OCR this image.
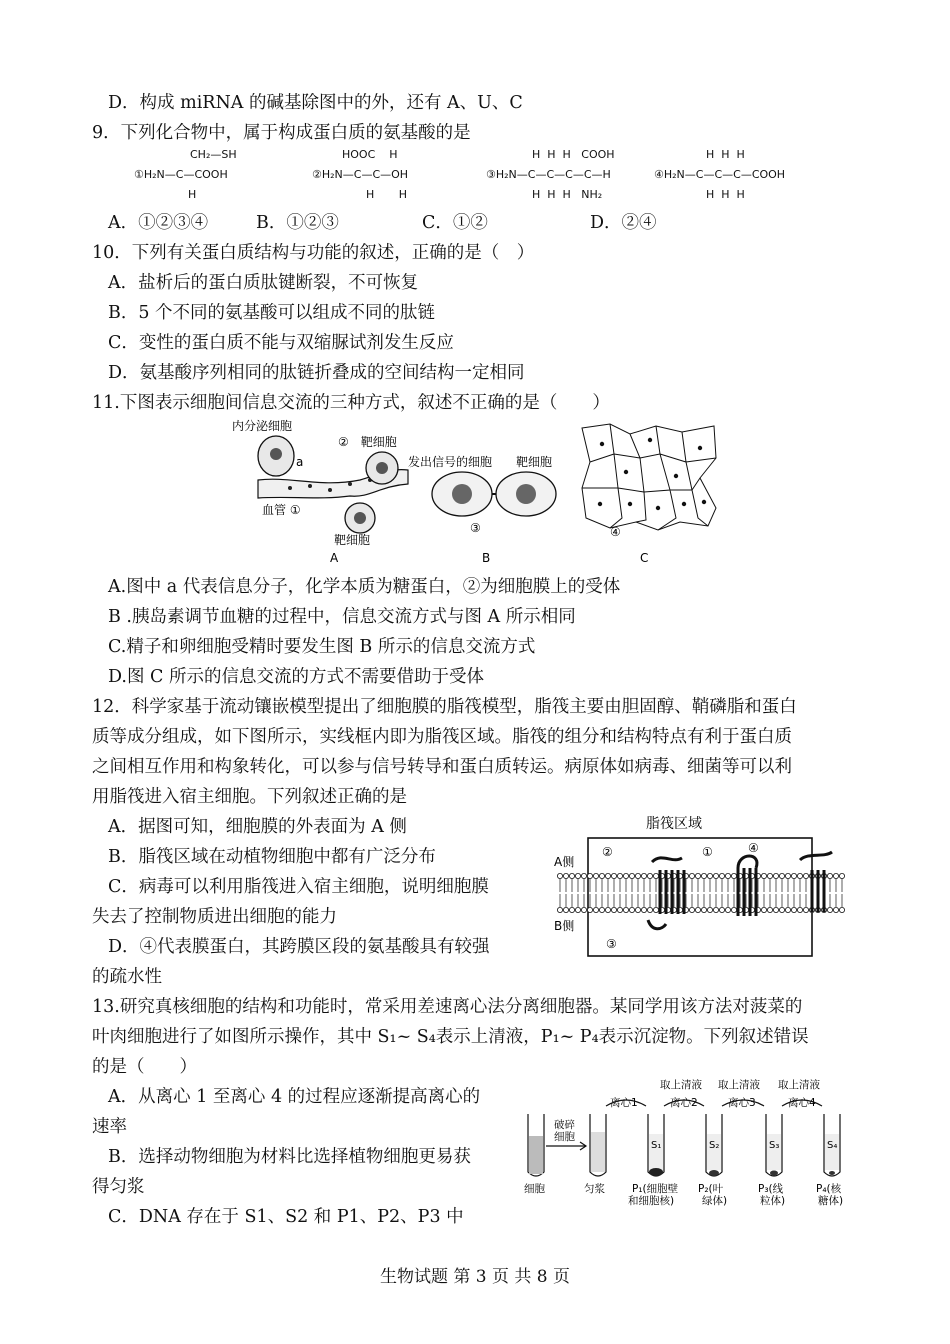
D．构成 miRNA 的碱基除图中的外，还有 A、U、C
9．下列化合物中，属于构成蛋白质的氨基酸的是
CH₂—SH
①H₂N—C—COOH
H
HOOC    H
②H₂N—C—C—OH
H       H
H  H  H   COOH
③H₂N—C—C—C—C—H
H  H  H   NH₂
H  H  H
④H₂N—C—C—C—COOH
H  H  H
A．①②③④	B．①②③	C．①②	D．②④
10．下列有关蛋白质结构与功能的叙述，正确的是（　）
A．盐析后的蛋白质肽键断裂，不可恢复
B．5 个不同的氨基酸可以组成不同的肽链
C．变性的蛋白质不能与双缩脲试剂发生反应
D．氨基酸序列相同的肽链折叠成的空间结构一定相同
11.下图表示细胞间信息交流的三种方式，叙述不正确的是（　　）
内分泌细胞
a
②　靶细胞
血管 ①
靶细胞
A
发出信号的细胞 靶细胞
③
B
④
C
A.图中 a 代表信息分子，化学本质为糖蛋白，②为细胞膜上的受体
B .胰岛素调节血糖的过程中，信息交流方式与图 A 所示相同
C.精子和卵细胞受精时要发生图 B 所示的信息交流方式
D.图 C 所示的信息交流的方式不需要借助于受体
12．科学家基于流动镶嵌模型提出了细胞膜的脂筏模型，脂筏主要由胆固醇、鞘磷脂和蛋白
质等成分组成，如下图所示，实线框内即为脂筏区域。脂筏的组分和结构特点有利于蛋白质
之间相互作用和构象转化，可以参与信号转导和蛋白质转运。病原体如病毒、细菌等可以利
用脂筏进入宿主细胞。下列叙述正确的是
A．据图可知，细胞膜的外表面为 A 侧
B．脂筏区域在动植物细胞中都有广泛分布
C．病毒可以利用脂筏进入宿主细胞，说明细胞膜
失去了控制物质进出细胞的能力
D．④代表膜蛋白，其跨膜区段的氨基酸具有较强
的疏水性
脂筏区域
A侧
B侧
②	①	④
③
13.研究真核细胞的结构和功能时，常采用差速离心法分离细胞器。某同学用该方法对菠菜的
叶肉细胞进行了如图所示操作，其中 S₁~ S₄表示上清液，P₁~ P₄表示沉淀物。下列叙述错误
的是（　　）
A．从离心 1 至离心 4 的过程应逐渐提高离心的
速率
B．选择动物细胞为材料比选择植物细胞更易获
得匀浆
C．DNA 存在于 S1、S2 和 P1、P2、P3 中
取上清液 取上清液 取上清液
离心1	离心2	离心3	离心4
破碎
细胞
细胞	匀浆	P₁(细胞壁
和细胞核)
P₂(叶
绿体)
P₃(线
粒体)
P₄(核
糖体)
S₁	S₂	S₃	S₄
生物试题 第 3 页 共 8 页
